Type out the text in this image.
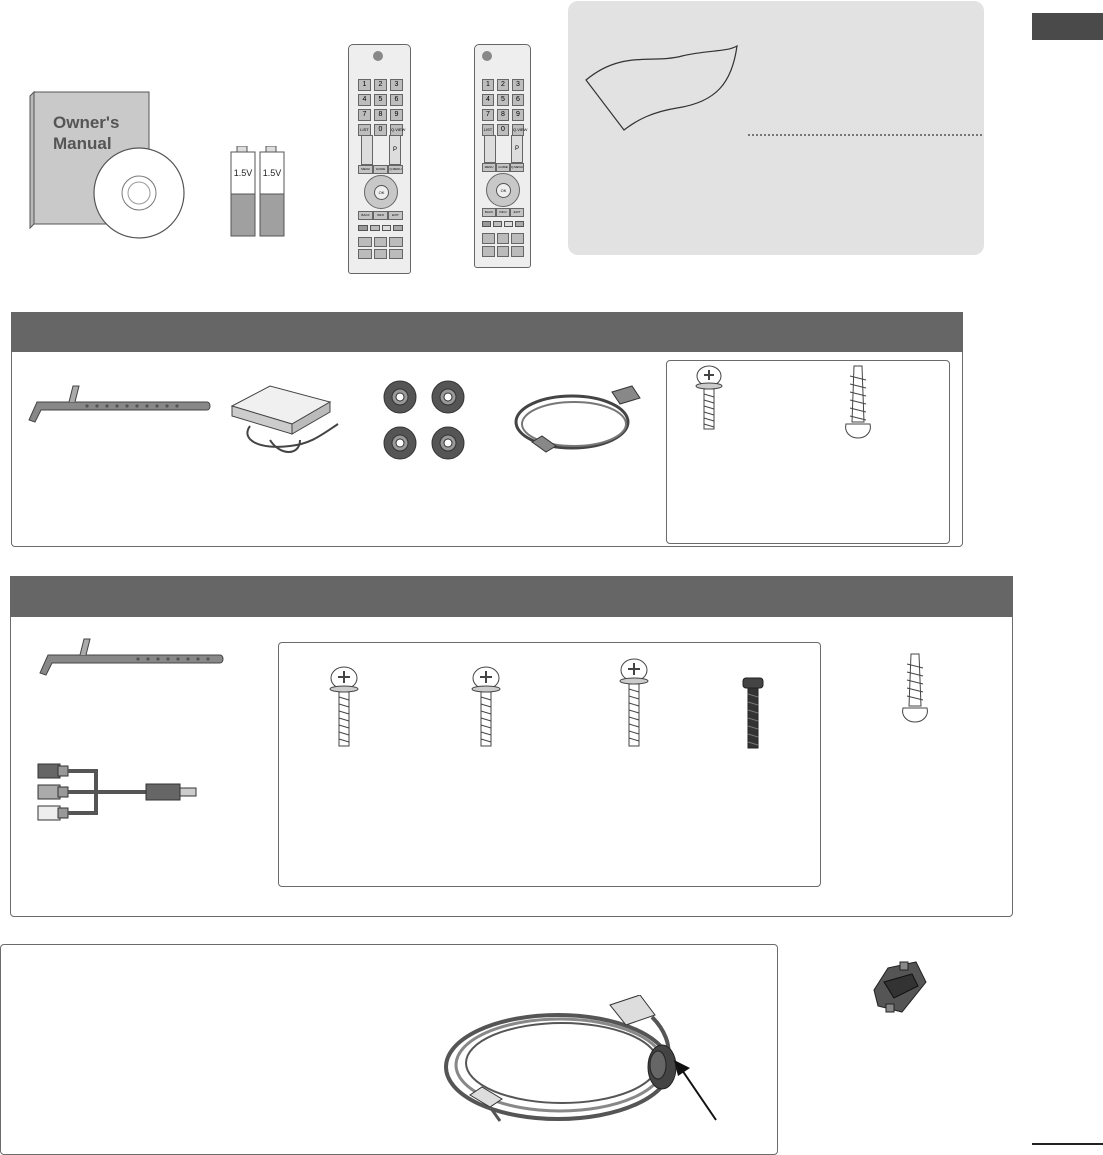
Owner's
Manual
1.5V 1.5V
1	2	3
4	5	6
7	8	9
LIST	0	Q.VIEW
P
MENU	GUIDE	Q.MENU
OK
BACK	INFO	EXIT
1	2	3
4	5	6
7	8	9
LIST	0	Q.VIEW
P
MENU	GUIDE	Q.MENU
OK
BACK	INFO	EXIT
